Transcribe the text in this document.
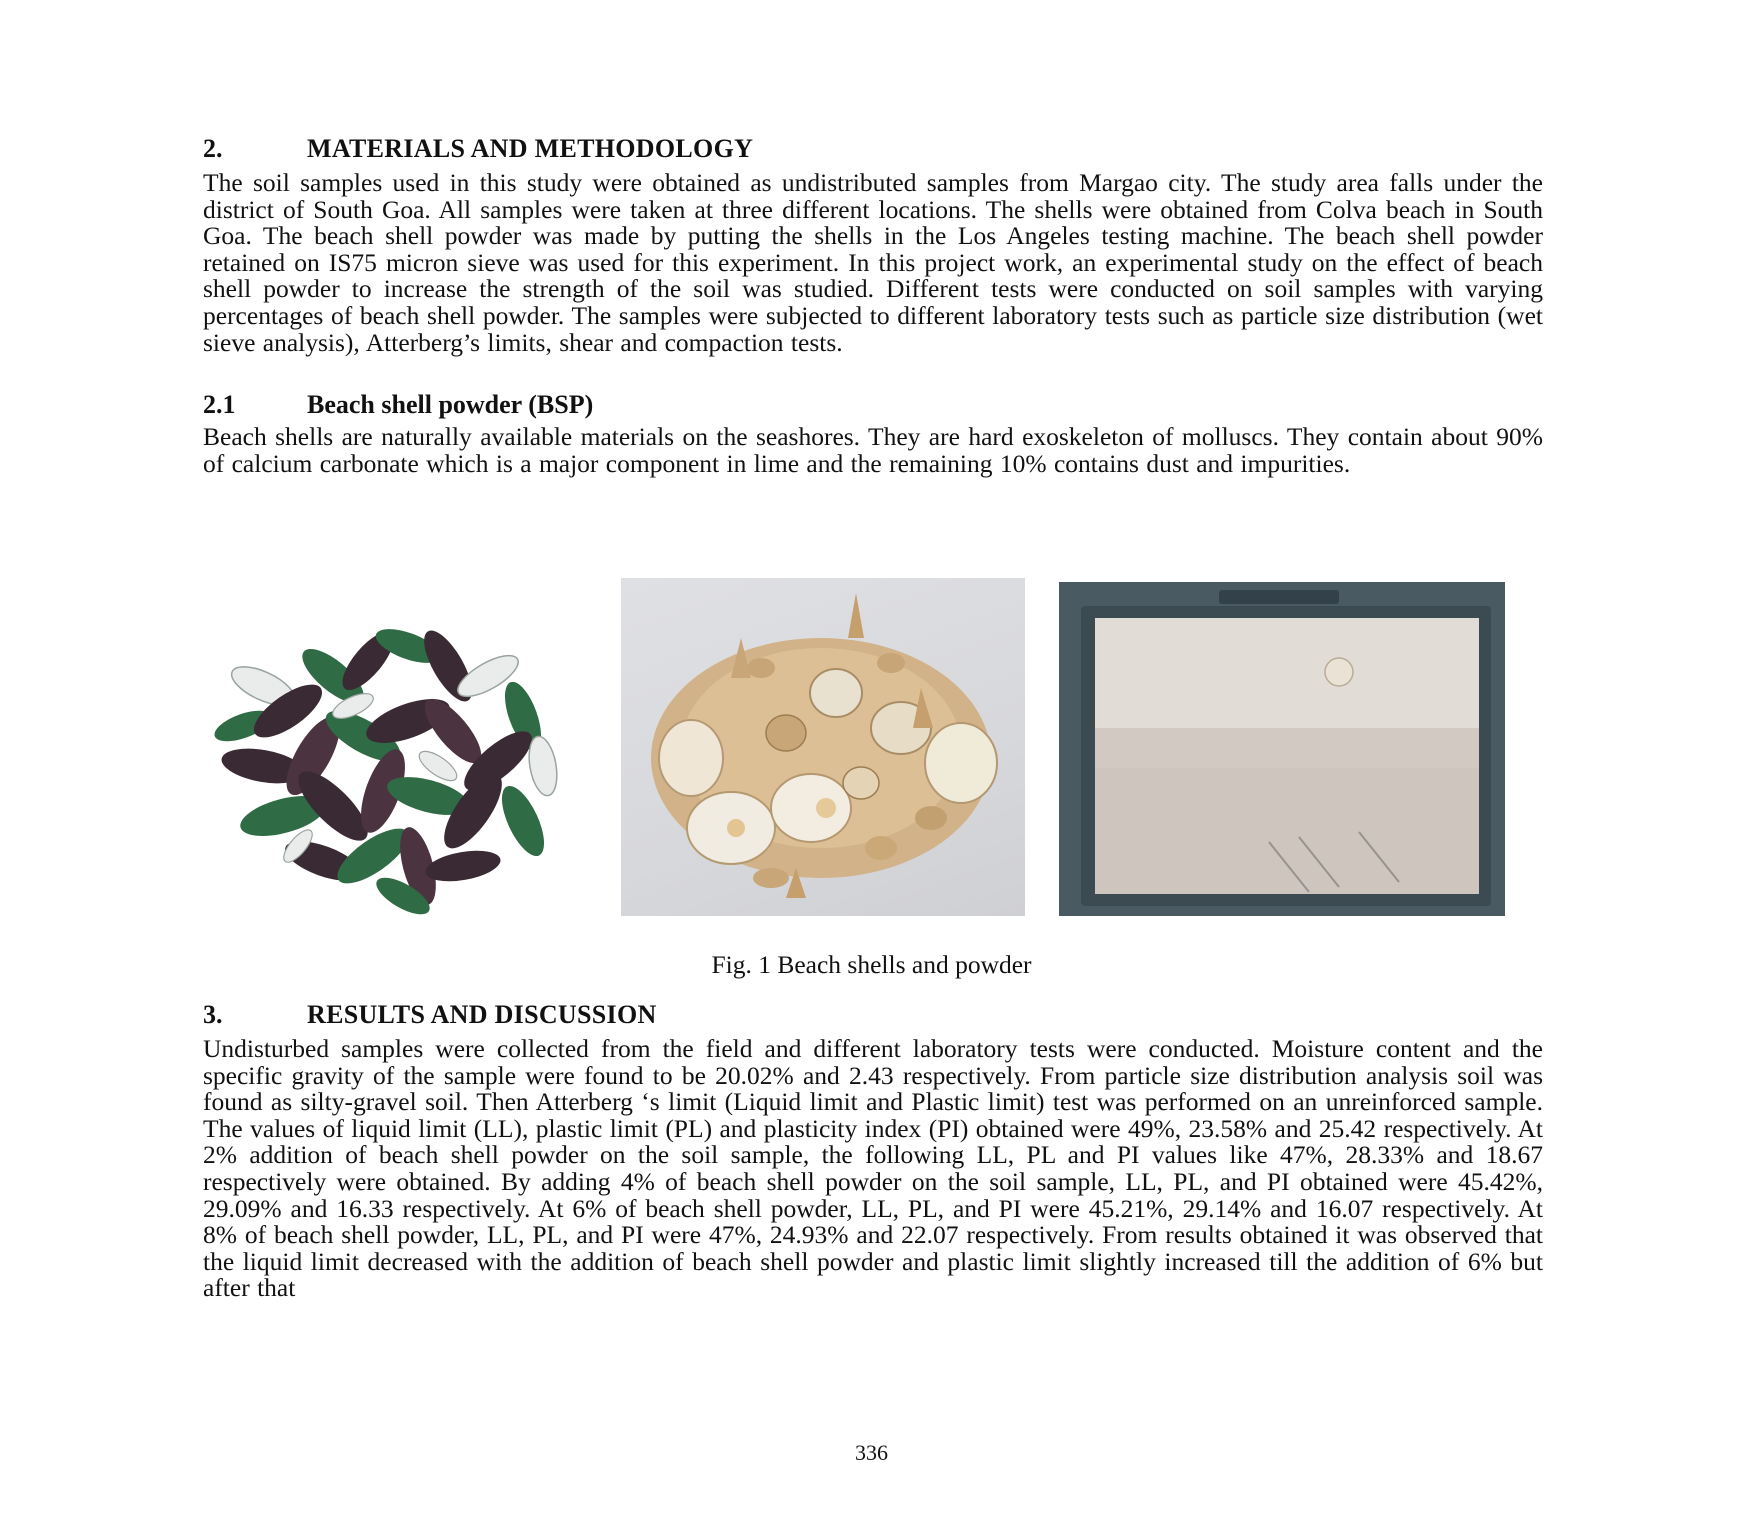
2.	MATERIALS AND METHODOLOGY

The soil samples used in this study were obtained as undistributed samples from Margao city. The study area falls under the district of South Goa. All samples were taken at three different locations. The shells were obtained from Colva beach in South Goa. The beach shell powder was made by putting the shells in the Los Angeles testing machine. The beach shell powder retained on IS75 micron sieve was used for this experiment. In this project work, an experimental study on the effect of beach shell powder to increase the strength of the soil was studied. Different tests were conducted on soil samples with varying percentages of beach shell powder. The samples were subjected to different laboratory tests such as particle size distribution (wet sieve analysis), Atterberg’s limits, shear and compaction tests.

2.1	Beach shell powder (BSP)

Beach shells are naturally available materials on the seashores. They are hard exoskeleton of molluscs. They contain about 90% of calcium carbonate which is a major component in lime and the remaining 10% contains dust and impurities.

Fig. 1 Beach shells and powder
3.	RESULTS AND DISCUSSION

Undisturbed samples were collected from the field and different laboratory tests were conducted. Moisture content and the specific gravity of the sample were found to be 20.02% and 2.43 respectively. From particle size distribution analysis soil was found as silty-gravel soil. Then Atterberg ‘s limit (Liquid limit and Plastic limit) test was performed on an unreinforced sample. The values of liquid limit (LL), plastic limit (PL) and plasticity index (PI) obtained were 49%, 23.58% and 25.42 respectively. At 2% addition of beach shell powder on the soil sample, the following LL, PL and PI values like 47%, 28.33% and 18.67 respectively were obtained. By adding 4% of beach shell powder on the soil sample, LL, PL, and PI obtained were 45.42%, 29.09% and 16.33 respectively. At 6% of beach shell powder, LL, PL, and PI were 45.21%, 29.14% and 16.07 respectively. At 8% of beach shell powder, LL, PL, and PI were 47%, 24.93% and 22.07 respectively. From results obtained it was observed that the liquid limit decreased with the addition of beach shell powder and plastic limit slightly increased till the addition of 6% but after that

336
